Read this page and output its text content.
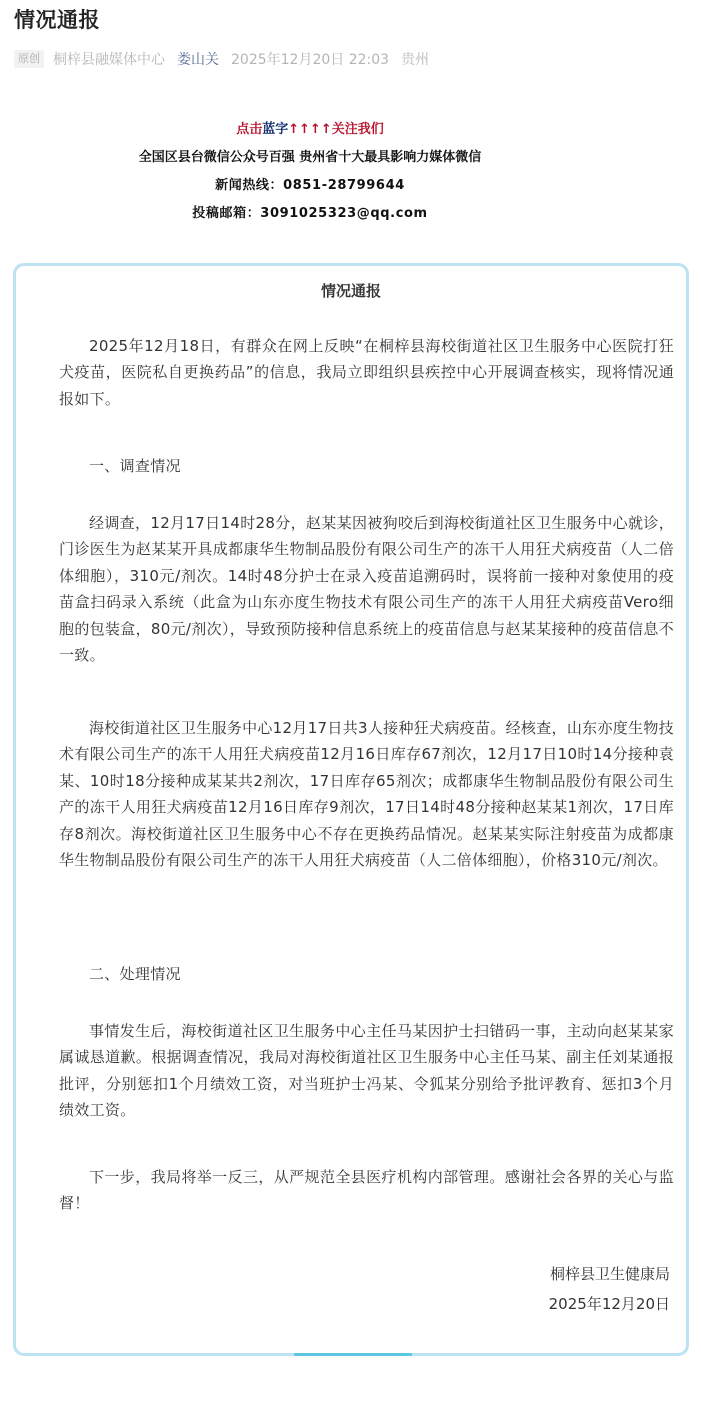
情况通报
原创 桐梓县融媒体中心 娄山关 2025年12月20日 22:03 贵州
点击蓝字↑↑↑↑关注我们
全国区县台微信公众号百强 贵州省十大最具影响力媒体微信
新闻热线：0851-28799644
投稿邮箱：3091025323@qq.com
情况通报

2025年12月18日，有群众在网上反映“在桐梓县海校街道社区卫生服务中心医院打狂犬疫苗，医院私自更换药品”的信息，我局立即组织县疾控中心开展调查核实，现将情况通报如下。

一、调查情况

经调查，12月17日14时28分，赵某某因被狗咬后到海校街道社区卫生服务中心就诊，门诊医生为赵某某开具成都康华生物制品股份有限公司生产的冻干人用狂犬病疫苗（人二倍体细胞），310元/剂次。14时48分护士在录入疫苗追溯码时，误将前一接种对象使用的疫苗盒扫码录入系统（此盒为山东亦度生物技术有限公司生产的冻干人用狂犬病疫苗Vero细胞的包装盒，80元/剂次），导致预防接种信息系统上的疫苗信息与赵某某接种的疫苗信息不一致。

海校街道社区卫生服务中心12月17日共3人接种狂犬病疫苗。经核查，山东亦度生物技术有限公司生产的冻干人用狂犬病疫苗12月16日库存67剂次，12月17日10时14分接种袁某、10时18分接种成某某共2剂次，17日库存65剂次；成都康华生物制品股份有限公司生产的冻干人用狂犬病疫苗12月16日库存9剂次，17日14时48分接种赵某某1剂次，17日库存8剂次。海校街道社区卫生服务中心不存在更换药品情况。赵某某实际注射疫苗为成都康华生物制品股份有限公司生产的冻干人用狂犬病疫苗（人二倍体细胞），价格310元/剂次。

二、处理情况

事情发生后，海校街道社区卫生服务中心主任马某因护士扫错码一事，主动向赵某某家属诚恳道歉。根据调查情况，我局对海校街道社区卫生服务中心主任马某、副主任刘某通报批评，分别惩扣1个月绩效工资，对当班护士冯某、令狐某分别给予批评教育、惩扣3个月绩效工资。

下一步，我局将举一反三，从严规范全县医疗机构内部管理。感谢社会各界的关心与监督！

桐梓县卫生健康局
2025年12月20日
